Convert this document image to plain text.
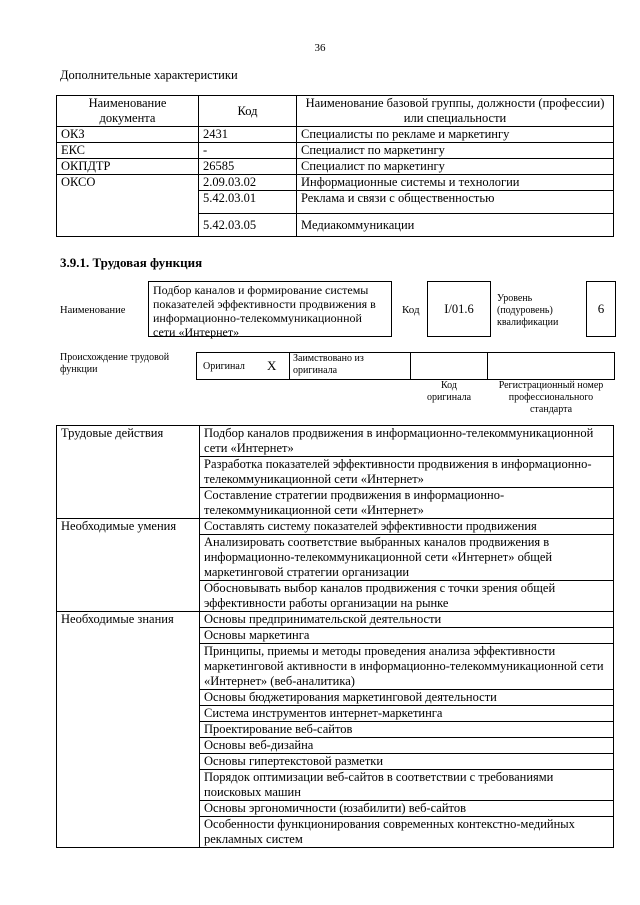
36
Дополнительные характеристики
Наименование документа	Код	Наименование базовой группы, должности (профессии) или специальности
ОКЗ	2431	Специалисты по рекламе и маркетингу
ЕКС	-	Специалист по маркетингу
ОКПДТР	26585	Специалист по маркетингу
ОКСО	2.09.03.02	Информационные системы и технологии
	5.42.03.01	Реклама и связи с общественностью
	5.42.03.05	Медиакоммуникации
3.9.1. Трудовая функция
Наименование
Подбор каналов и формирование системы показателей эффективности продвижения в информационно-телекоммуникационной сети «Интернет»
Код	I/01.6
Уровень (подуровень) квалификации
6
Происхождение трудовой функции	Оригинал X	Заимствовано из оригинала
Код оригинала
Регистрационный номер профессионального стандарта
Трудовые действия	Подбор каналов продвижения в информационно-телекоммуникационной сети «Интернет»
	Разработка показателей эффективности продвижения в информационно-телекоммуникационной сети «Интернет»
	Составление стратегии продвижения в информационно-телекоммуникационной сети «Интернет»
Необходимые умения	Составлять систему показателей эффективности продвижения
	Анализировать соответствие выбранных каналов продвижения в информационно-телекоммуникационной сети «Интернет» общей маркетинговой стратегии организации
	Обосновывать выбор каналов продвижения с точки зрения общей эффективности работы организации на рынке
Необходимые знания	Основы предпринимательской деятельности
	Основы маркетинга
	Принципы, приемы и методы проведения анализа эффективности маркетинговой активности в информационно-телекоммуникационной сети «Интернет» (веб-аналитика)
	Основы бюджетирования маркетинговой деятельности
	Система инструментов интернет-маркетинга
	Проектирование веб-сайтов
	Основы веб-дизайна
	Основы гипертекстовой разметки
	Порядок оптимизации веб-сайтов в соответствии с требованиями поисковых машин
	Основы эргономичности (юзабилити) веб-сайтов
	Особенности функционирования современных контекстно-медийных рекламных систем
